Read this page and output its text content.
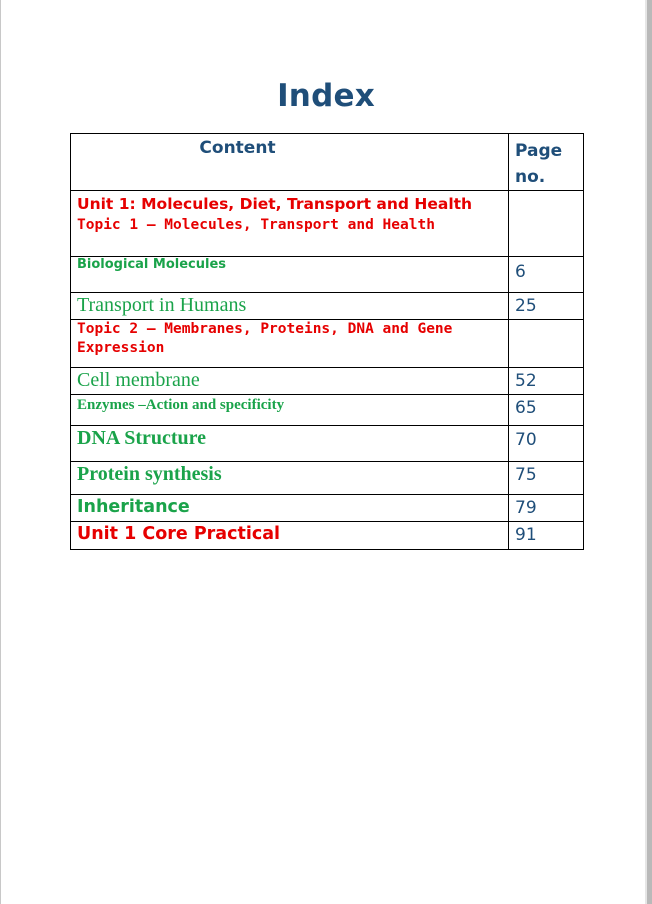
Index
Content	Page
no.

Unit 1: Molecules, Diet, Transport and Health
Topic 1 – Molecules, Transport and Health	

Biological Molecules	6
Transport in Humans	25
Topic 2 – Membranes, Proteins, DNA and Gene Expression	
Cell membrane	52
Enzymes –Action and specificity	65
DNA Structure	70
Protein synthesis	75
Inheritance	79
Unit 1 Core Practical	91
